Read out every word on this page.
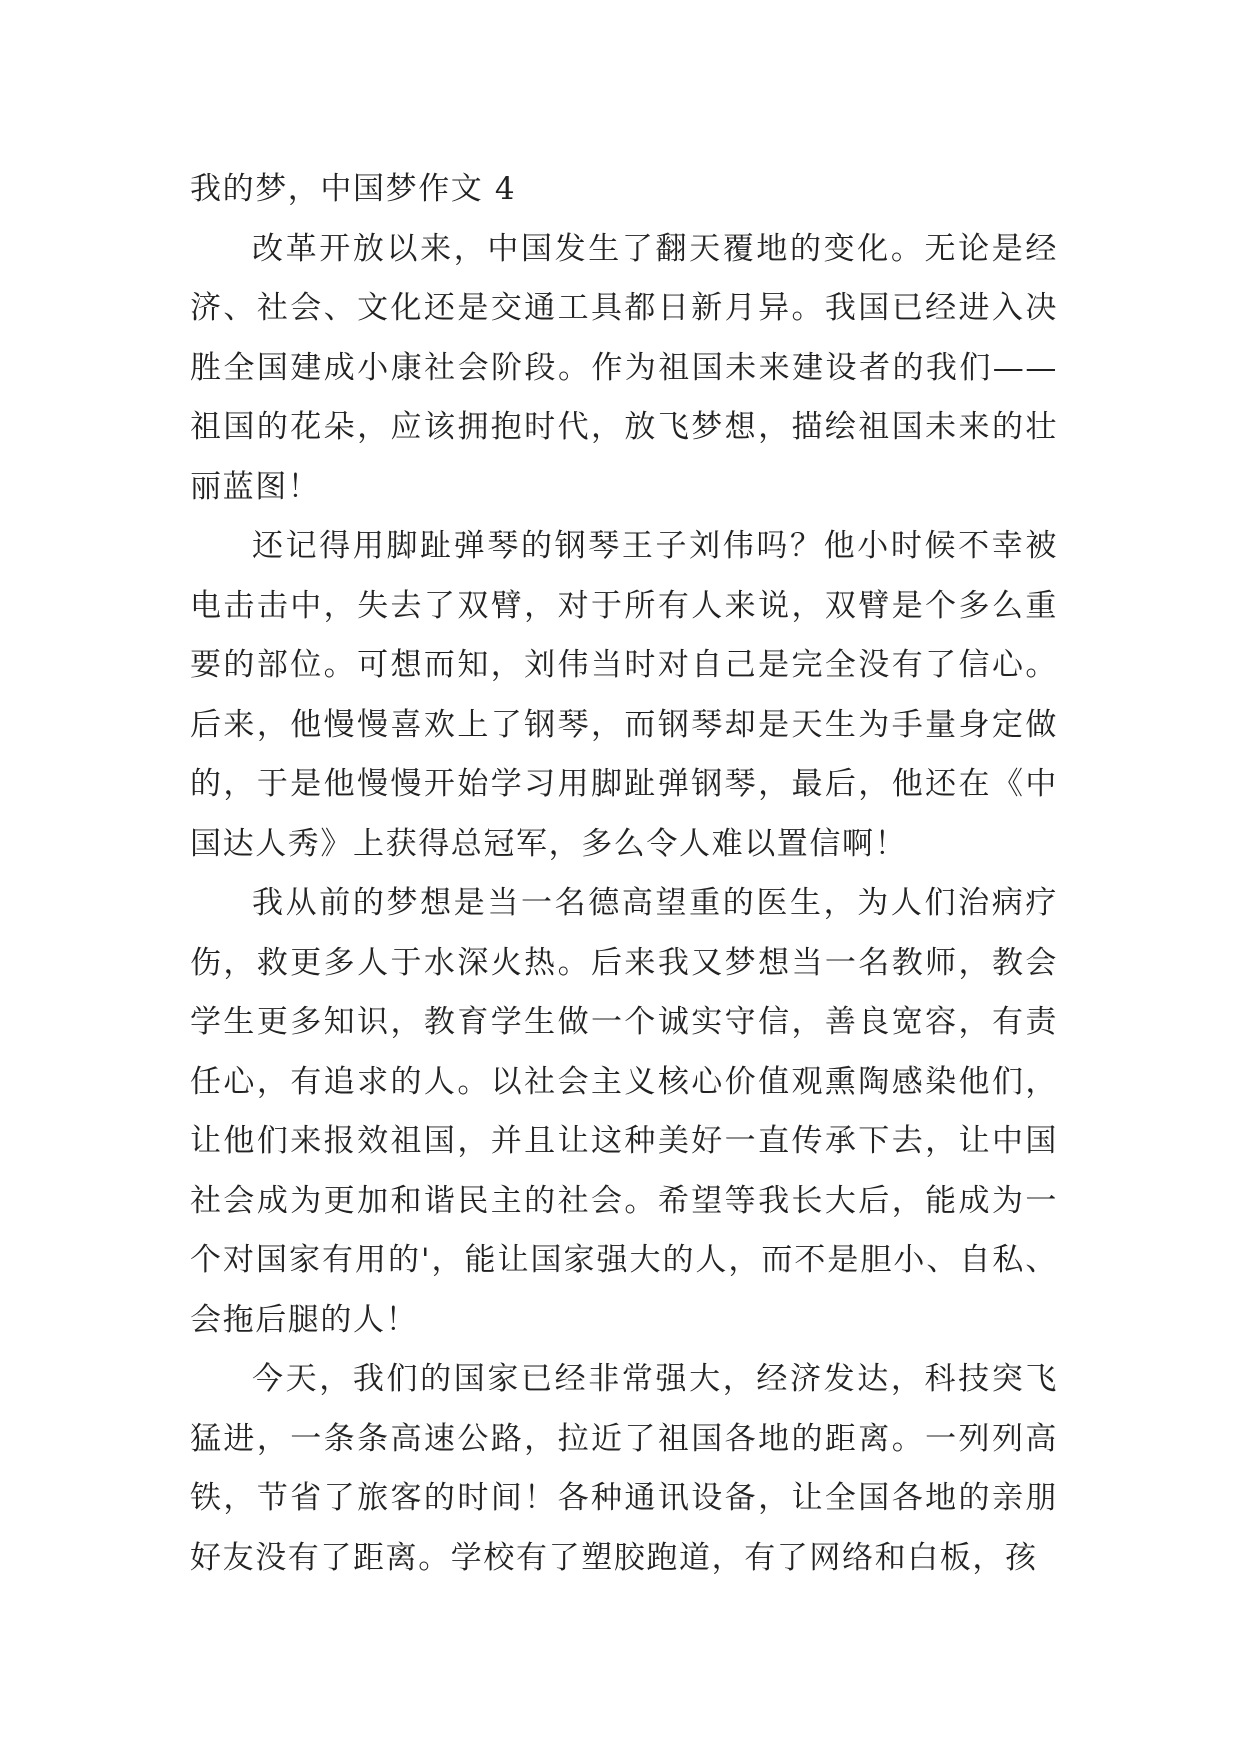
我的梦，中国梦作文 4

改革开放以来，中国发生了翻天覆地的变化。无论是经济、社会、文化还是交通工具都日新月异。我国已经进入决胜全国建成小康社会阶段。作为祖国未来建设者的我们——祖国的花朵，应该拥抱时代，放飞梦想，描绘祖国未来的壮丽蓝图！

还记得用脚趾弹琴的钢琴王子刘伟吗？他小时候不幸被电击击中，失去了双臂，对于所有人来说，双臂是个多么重要的部位。可想而知，刘伟当时对自己是完全没有了信心。后来，他慢慢喜欢上了钢琴，而钢琴却是天生为手量身定做的，于是他慢慢开始学习用脚趾弹钢琴，最后，他还在《中国达人秀》上获得总冠军，多么令人难以置信啊！

我从前的梦想是当一名德高望重的医生，为人们治病疗伤，救更多人于水深火热。后来我又梦想当一名教师，教会学生更多知识，教育学生做一个诚实守信，善良宽容，有责任心，有追求的人。以社会主义核心价值观熏陶感染他们，让他们来报效祖国，并且让这种美好一直传承下去，让中国社会成为更加和谐民主的社会。希望等我长大后，能成为一个对国家有用的'，能让国家强大的人，而不是胆小、自私、会拖后腿的人！

今天，我们的国家已经非常强大，经济发达，科技突飞猛进，一条条高速公路，拉近了祖国各地的距离。一列列高铁，节省了旅客的时间！各种通讯设备，让全国各地的亲朋好友没有了距离。学校有了塑胶跑道，有了网络和白板，孩
